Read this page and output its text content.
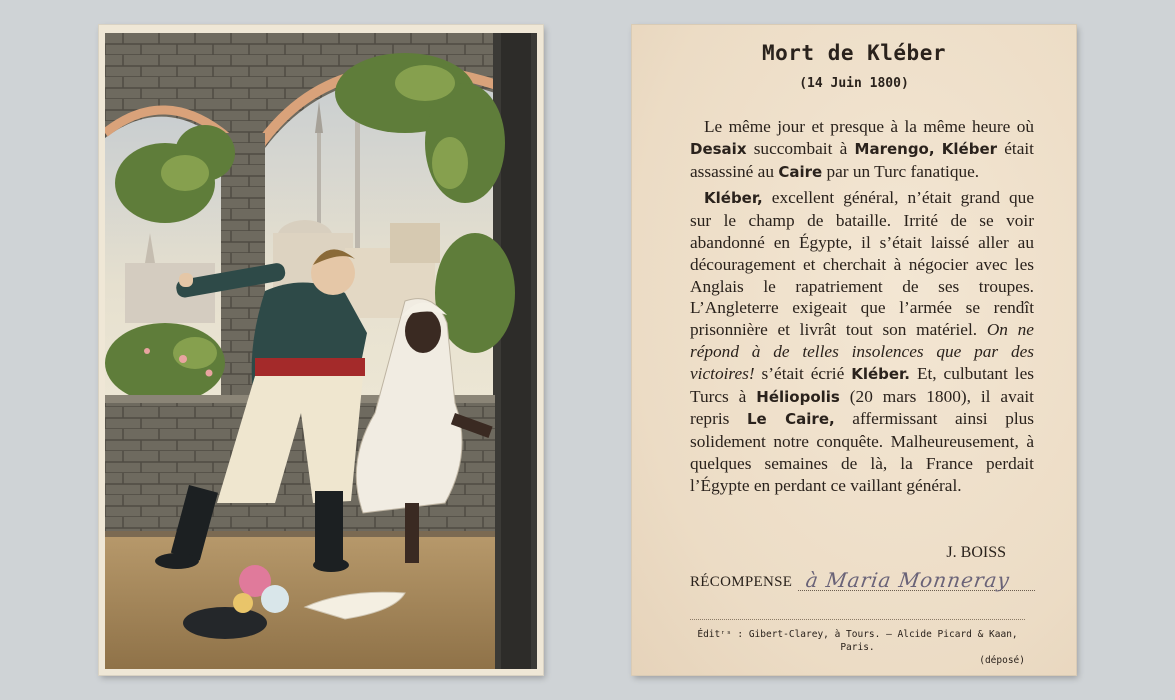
Mort de Kléber
(14 Juin 1800)

Le même jour et presque à la même heure où Desaix succombait à Marengo, Kléber était assassiné au Caire par un Turc fanatique.

Kléber, excellent général, n’était grand que sur le champ de bataille. Irrité de se voir abandonné en Égypte, il s’était laissé aller au découragement et cherchait à négocier avec les Anglais le rapatriement de ses troupes. L’Angleterre exigeait que l’armée se rendît prisonnière et livrât tout son matériel. On ne répond à de telles insolences que par des victoires! s’était écrié Kléber. Et, culbutant les Turcs à Héliopolis (20 mars 1800), il avait repris Le Caire, affermissant ainsi plus solidement notre conquête. Malheureusement, à quelques semaines de là, la France perdait l’Égypte en perdant ce vaillant général.

J. BOISS
RÉCOMPENSE à Maria Monneray
Éditʳˢ : Gibert-Clarey, à Tours. — Alcide Picard & Kaan, Paris.
(déposé)
